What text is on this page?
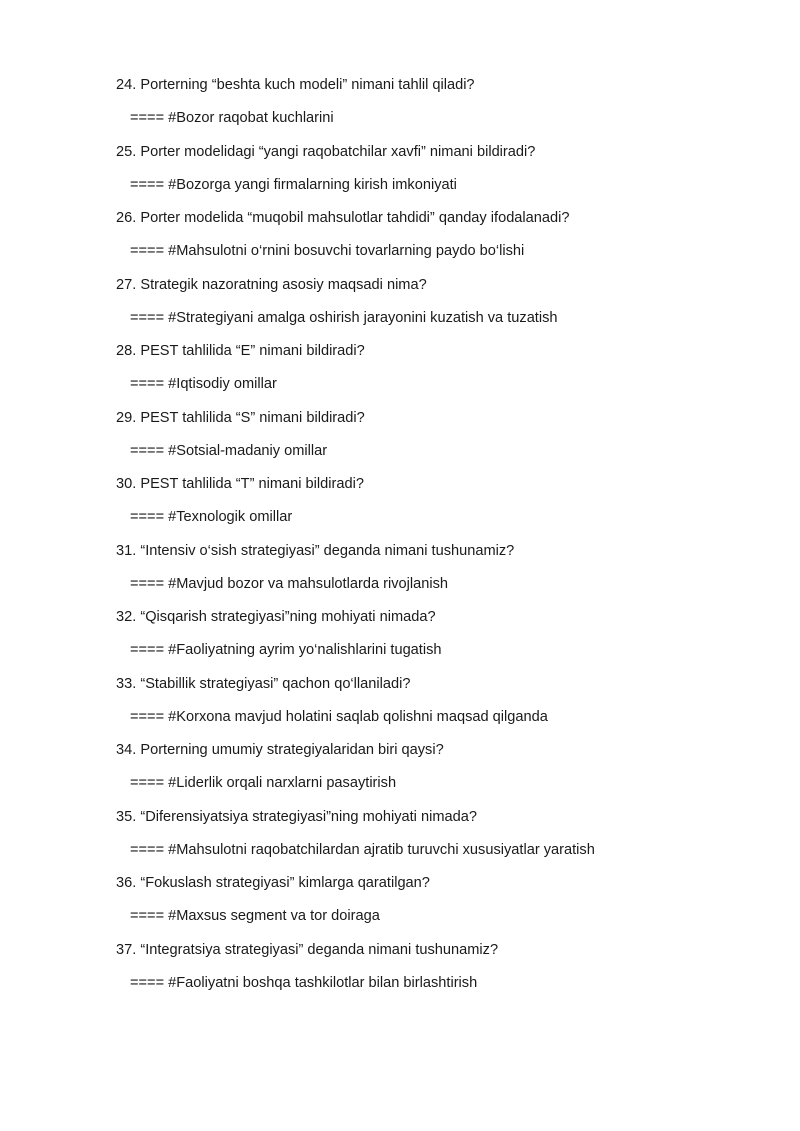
24. Porterning “beshta kuch modeli” nimani tahlil qiladi?
==== #Bozor raqobat kuchlarini
25. Porter modelidagi “yangi raqobatchilar xavfi” nimani bildiradi?
==== #Bozorga yangi firmalarning kirish imkoniyati
26. Porter modelida “muqobil mahsulotlar tahdidi” qanday ifodalanadi?
==== #Mahsulotni o‘rnini bosuvchi tovarlarning paydo bo‘lishi
27. Strategik nazoratning asosiy maqsadi nima?
==== #Strategiyani amalga oshirish jarayonini kuzatish va tuzatish
28. PEST tahlilida “E” nimani bildiradi?
==== #Iqtisodiy omillar
29. PEST tahlilida “S” nimani bildiradi?
==== #Sotsial-madaniy omillar
30. PEST tahlilida “T” nimani bildiradi?
==== #Texnologik omillar
31. “Intensiv o‘sish strategiyasi” deganda nimani tushunamiz?
==== #Mavjud bozor va mahsulotlarda rivojlanish
32. “Qisqarish strategiyasi”ning mohiyati nimada?
==== #Faoliyatning ayrim yo‘nalishlarini tugatish
33. “Stabillik strategiyasi” qachon qo‘llaniladi?
==== #Korxona mavjud holatini saqlab qolishni maqsad qilganda
34. Porterning umumiy strategiyalaridan biri qaysi?
==== #Liderlik orqali narxlarni pasaytirish
35. “Diferensiyatsiya strategiyasi”ning mohiyati nimada?
==== #Mahsulotni raqobatchilardan ajratib turuvchi xususiyatlar yaratish
36. “Fokuslash strategiyasi” kimlarga qaratilgan?
==== #Maxsus segment va tor doiraga
37. “Integratsiya strategiyasi” deganda nimani tushunamiz?
==== #Faoliyatni boshqa tashkilotlar bilan birlashtirish
